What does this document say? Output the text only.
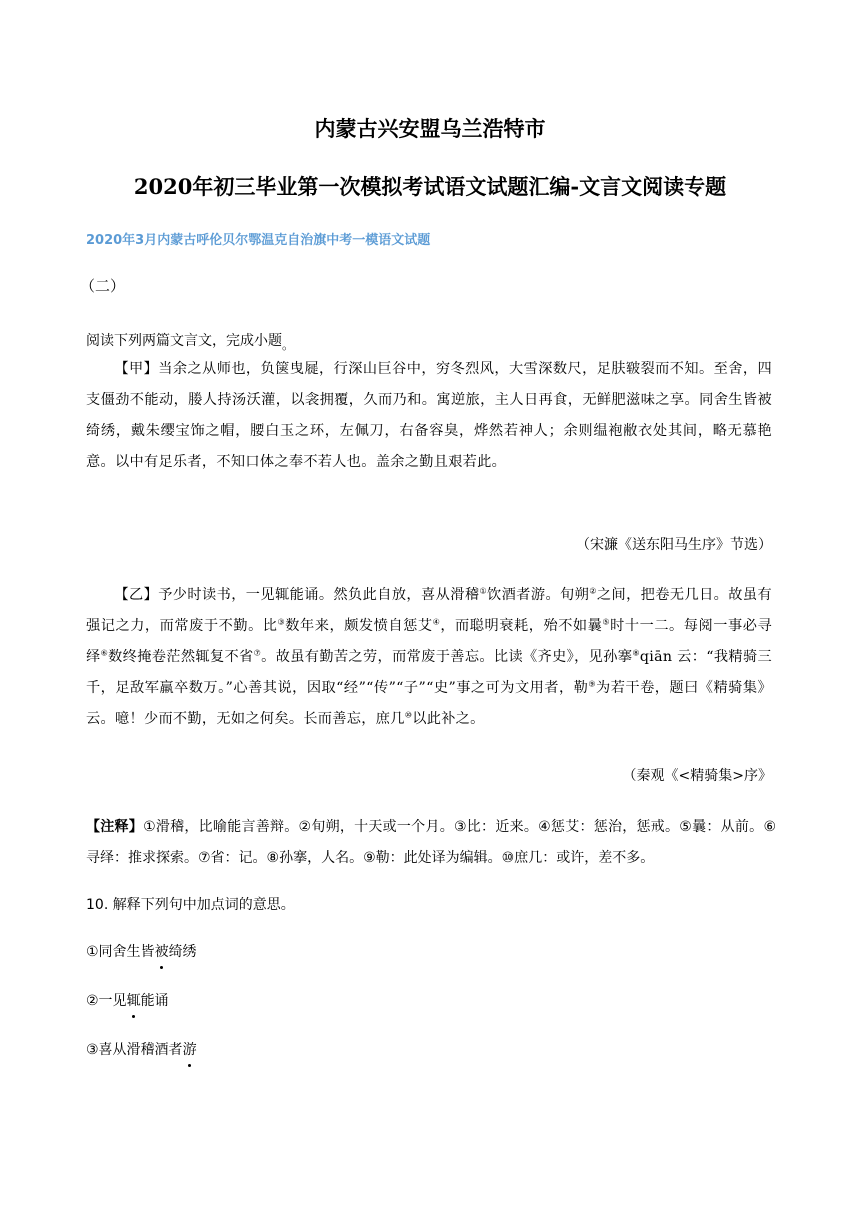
内蒙古兴安盟乌兰浩特市
2020年初三毕业第一次模拟考试语文试题汇编-文言文阅读专题
2020年3月内蒙古呼伦贝尔鄂温克自治旗中考一模语文试题
（二）
阅读下列两篇文言文，完成小题。
【甲】当余之从师也，负箧曳屣，行深山巨谷中，穷冬烈风，大雪深数尺，足肤皲裂而不知。至舍，四支僵劲不能动，媵人持汤沃灌，以衾拥覆，久而乃和。寓逆旅，主人日再食，无鲜肥滋味之享。同舍生皆被绮绣，戴朱缨宝饰之帽，腰白玉之环，左佩刀，右备容臭，烨然若神人；余则缊袍敝衣处其间，略无慕艳意。以中有足乐者，不知口体之奉不若人也。盖余之勤且艰若此。
（宋濂《送东阳马生序》节选）
【乙】予少时读书，一见辄能诵。然负此自放，喜从滑稽①饮酒者游。旬朔②之间，把卷无几日。故虽有强记之力，而常废于不勤。比③数年来，颇发愤自惩艾④，而聪明衰耗，殆不如曩⑤时十一二。每阅一事必寻绎⑥数终掩卷茫然辄复不省⑦。故虽有勤苦之劳，而常废于善忘。比读《齐史》，见孙搴⑧qiān 云：“我精骑三千，足敌军羸卒数万。”心善其说，因取“经”“传”“子”“史”事之可为文用者，勒⑨为若干卷，题曰《精骑集》云。噫！少而不勤，无如之何矣。长而善忘，庶几⑩以此补之。
（秦观《<精骑集>序》
【注释】①滑稽，比喻能言善辩。②旬朔，十天或一个月。③比：近来。④惩艾：惩治，惩戒。⑤曩：从前。⑥寻绎：推求探索。⑦省：记。⑧孙搴，人名。⑨勒：此处译为编辑。⑩庶几：或许，差不多。
10. 解释下列句中加点词的意思。
①同舍生皆被绮绣
②一见辄能诵
③喜从滑稽酒者游
